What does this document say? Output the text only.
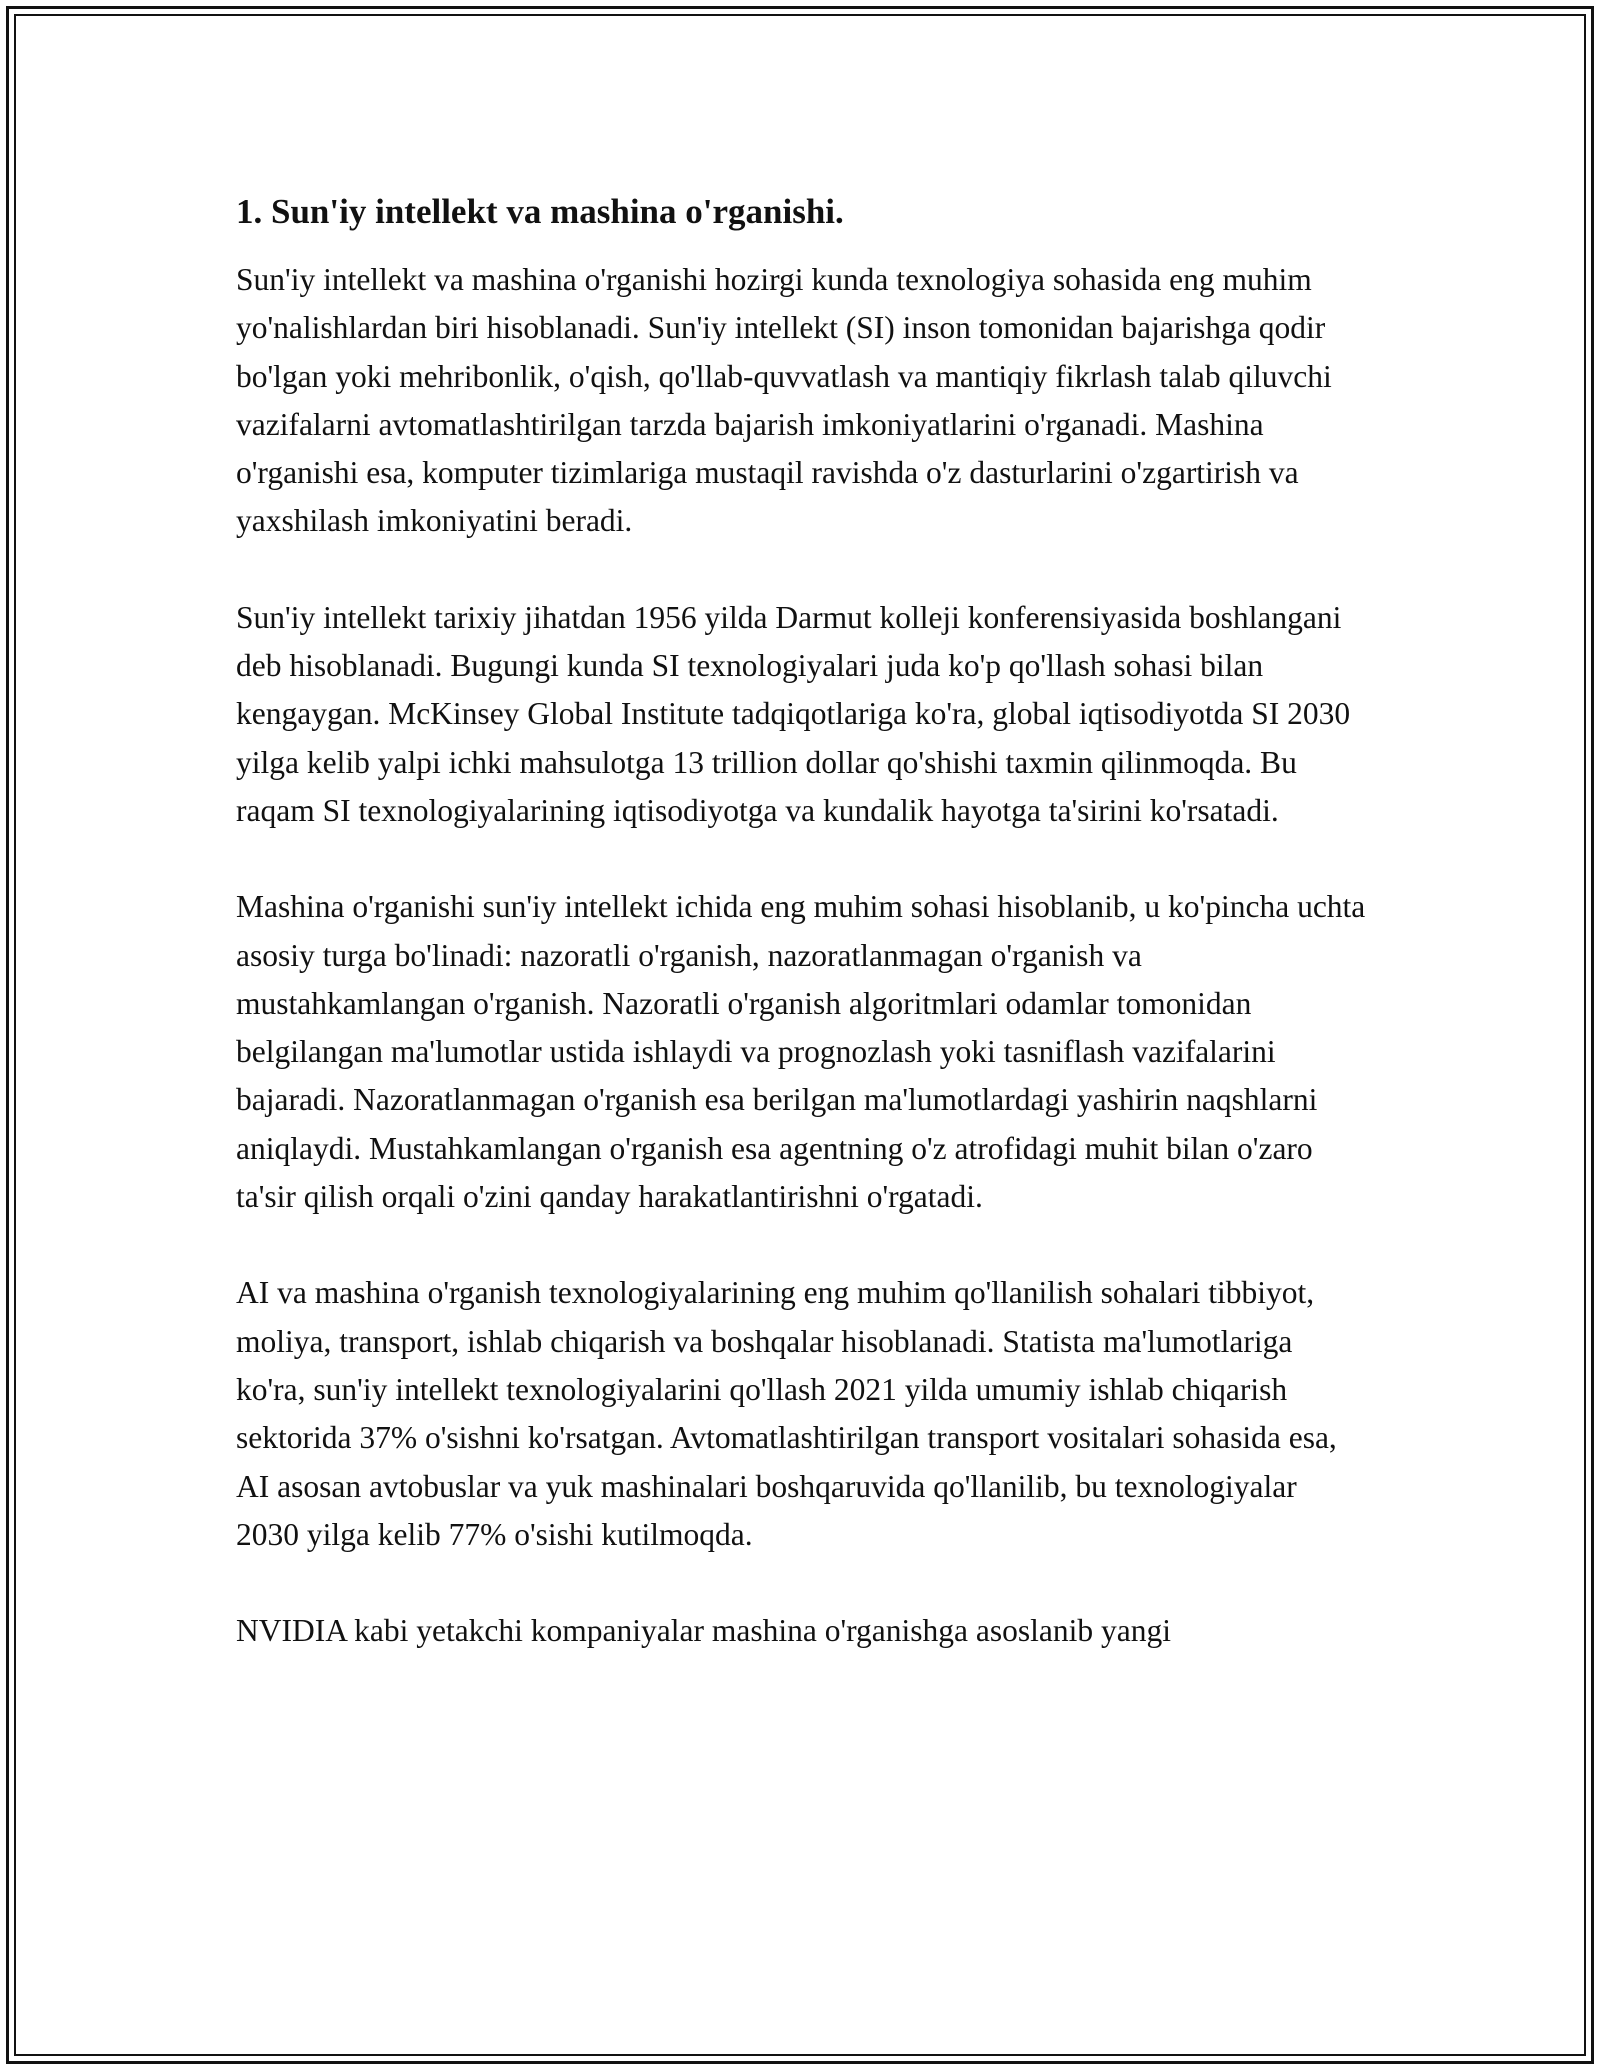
1. Sun'iy intellekt va mashina o'rganishi.

Sun'iy intellekt va mashina o'rganishi hozirgi kunda texnologiya sohasida eng muhim yo'nalishlardan biri hisoblanadi. Sun'iy intellekt (SI) inson tomonidan bajarishga qodir bo'lgan yoki mehribonlik, o'qish, qo'llab-quvvatlash va mantiqiy fikrlash talab qiluvchi vazifalarni avtomatlashtirilgan tarzda bajarish imkoniyatlarini o'rganadi. Mashina o'rganishi esa, komputer tizimlariga mustaqil ravishda o'z dasturlarini o'zgartirish va yaxshilash imkoniyatini beradi.

Sun'iy intellekt tarixiy jihatdan 1956 yilda Darmut kolleji konferensiyasida boshlangani deb hisoblanadi. Bugungi kunda SI texnologiyalari juda ko'p qo'llash sohasi bilan kengaygan. McKinsey Global Institute tadqiqotlariga ko'ra, global iqtisodiyotda SI 2030 yilga kelib yalpi ichki mahsulotga 13 trillion dollar qo'shishi taxmin qilinmoqda. Bu raqam SI texnologiyalarining iqtisodiyotga va kundalik hayotga ta'sirini ko'rsatadi.

Mashina o'rganishi sun'iy intellekt ichida eng muhim sohasi hisoblanib, u ko'pincha uchta asosiy turga bo'linadi: nazoratli o'rganish, nazoratlanmagan o'rganish va mustahkamlangan o'rganish. Nazoratli o'rganish algoritmlari odamlar tomonidan belgilangan ma'lumotlar ustida ishlaydi va prognozlash yoki tasniflash vazifalarini bajaradi. Nazoratlanmagan o'rganish esa berilgan ma'lumotlardagi yashirin naqshlarni aniqlaydi. Mustahkamlangan o'rganish esa agentning o'z atrofidagi muhit bilan o'zaro ta'sir qilish orqali o'zini qanday harakatlantirishni o'rgatadi.

AI va mashina o'rganish texnologiyalarining eng muhim qo'llanilish sohalari tibbiyot, moliya, transport, ishlab chiqarish va boshqalar hisoblanadi. Statista ma'lumotlariga ko'ra, sun'iy intellekt texnologiyalarini qo'llash 2021 yilda umumiy ishlab chiqarish sektorida 37% o'sishni ko'rsatgan. Avtomatlashtirilgan transport vositalari sohasida esa, AI asosan avtobuslar va yuk mashinalari boshqaruvida qo'llanilib, bu texnologiyalar 2030 yilga kelib 77% o'sishi kutilmoqda.

NVIDIA kabi yetakchi kompaniyalar mashina o'rganishga asoslanib yangi
